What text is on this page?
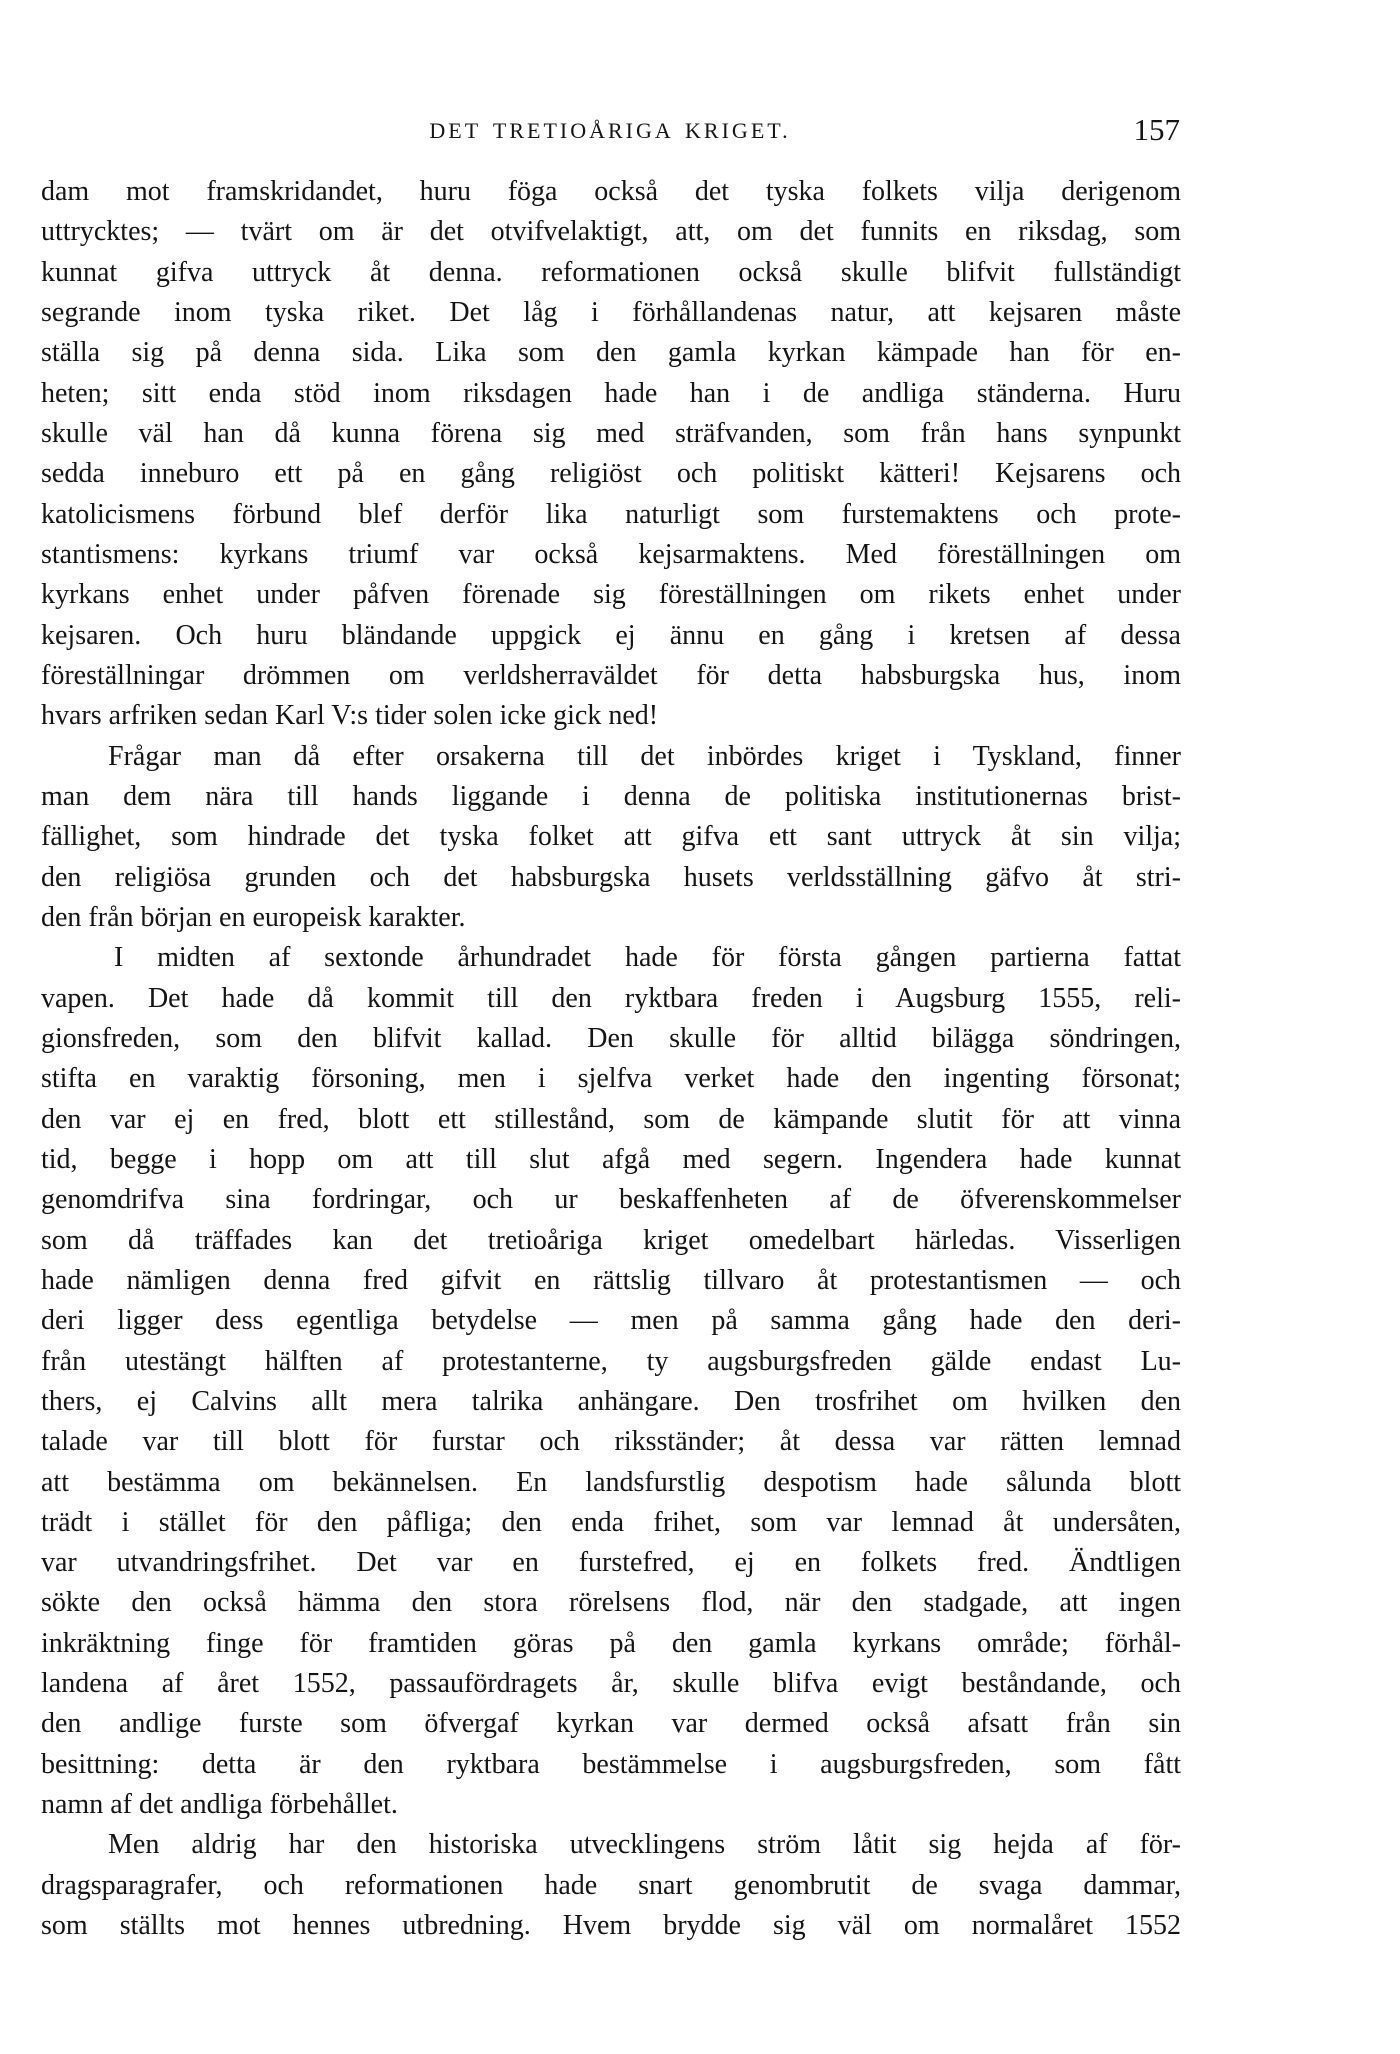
DET TRETIOÅRIGA KRIGET.	157
dam mot framskridandet, huru föga också det tyska folkets vilja derigenom
uttrycktes; — tvärt om är det otvifvelaktigt, att, om det funnits en riksdag, som
kunnat gifva uttryck åt denna. reformationen också skulle blifvit fullständigt
segrande inom tyska riket. Det låg i förhållandenas natur, att kejsaren måste
ställa sig på denna sida. Lika som den gamla kyrkan kämpade han för en-
heten; sitt enda stöd inom riksdagen hade han i de andliga ständerna. Huru
skulle väl han då kunna förena sig med sträfvanden, som från hans synpunkt
sedda inneburo ett på en gång religiöst och politiskt kätteri! Kejsarens och
katolicismens förbund blef derför lika naturligt som furstemaktens och prote-
stantismens: kyrkans triumf var också kejsarmaktens. Med föreställningen om
kyrkans enhet under påfven förenade sig föreställningen om rikets enhet under
kejsaren. Och huru bländande uppgick ej ännu en gång i kretsen af dessa
föreställningar drömmen om verldsherraväldet för detta habsburgska hus, inom
hvars arfriken sedan Karl V:s tider solen icke gick ned!
Frågar man då efter orsakerna till det inbördes kriget i Tyskland, finner
man dem nära till hands liggande i denna de politiska institutionernas brist-
fällighet, som hindrade det tyska folket att gifva ett sant uttryck åt sin vilja;
den religiösa grunden och det habsburgska husets verldsställning gäfvo åt stri-
den från början en europeisk karakter.
I midten af sextonde århundradet hade för första gången partierna fattat
vapen. Det hade då kommit till den ryktbara freden i Augsburg 1555, reli-
gionsfreden, som den blifvit kallad. Den skulle för alltid bilägga söndringen,
stifta en varaktig försoning, men i sjelfva verket hade den ingenting försonat;
den var ej en fred, blott ett stillestånd, som de kämpande slutit för att vinna
tid, begge i hopp om att till slut afgå med segern. Ingendera hade kunnat
genomdrifva sina fordringar, och ur beskaffenheten af de öfverenskommelser
som då träffades kan det tretioåriga kriget omedelbart härledas. Visserligen
hade nämligen denna fred gifvit en rättslig tillvaro åt protestantismen — och
deri ligger dess egentliga betydelse — men på samma gång hade den deri-
från utestängt hälften af protestanterne, ty augsburgsfreden gälde endast Lu-
thers, ej Calvins allt mera talrika anhängare. Den trosfrihet om hvilken den
talade var till blott för furstar och riksständer; åt dessa var rätten lemnad
att bestämma om bekännelsen. En landsfurstlig despotism hade sålunda blott
trädt i stället för den påfliga; den enda frihet, som var lemnad åt undersåten,
var utvandringsfrihet. Det var en furstefred, ej en folkets fred. Ändtligen
sökte den också hämma den stora rörelsens flod, när den stadgade, att ingen
inkräktning finge för framtiden göras på den gamla kyrkans område; förhål-
landena af året 1552, passaufördragets år, skulle blifva evigt beståndande, och
den andlige furste som öfvergaf kyrkan var dermed också afsatt från sin
besittning: detta är den ryktbara bestämmelse i augsburgsfreden, som fått
namn af det andliga förbehållet.
Men aldrig har den historiska utvecklingens ström låtit sig hejda af för-
dragsparagrafer, och reformationen hade snart genombrutit de svaga dammar,
som ställts mot hennes utbredning. Hvem brydde sig väl om normalåret 1552
